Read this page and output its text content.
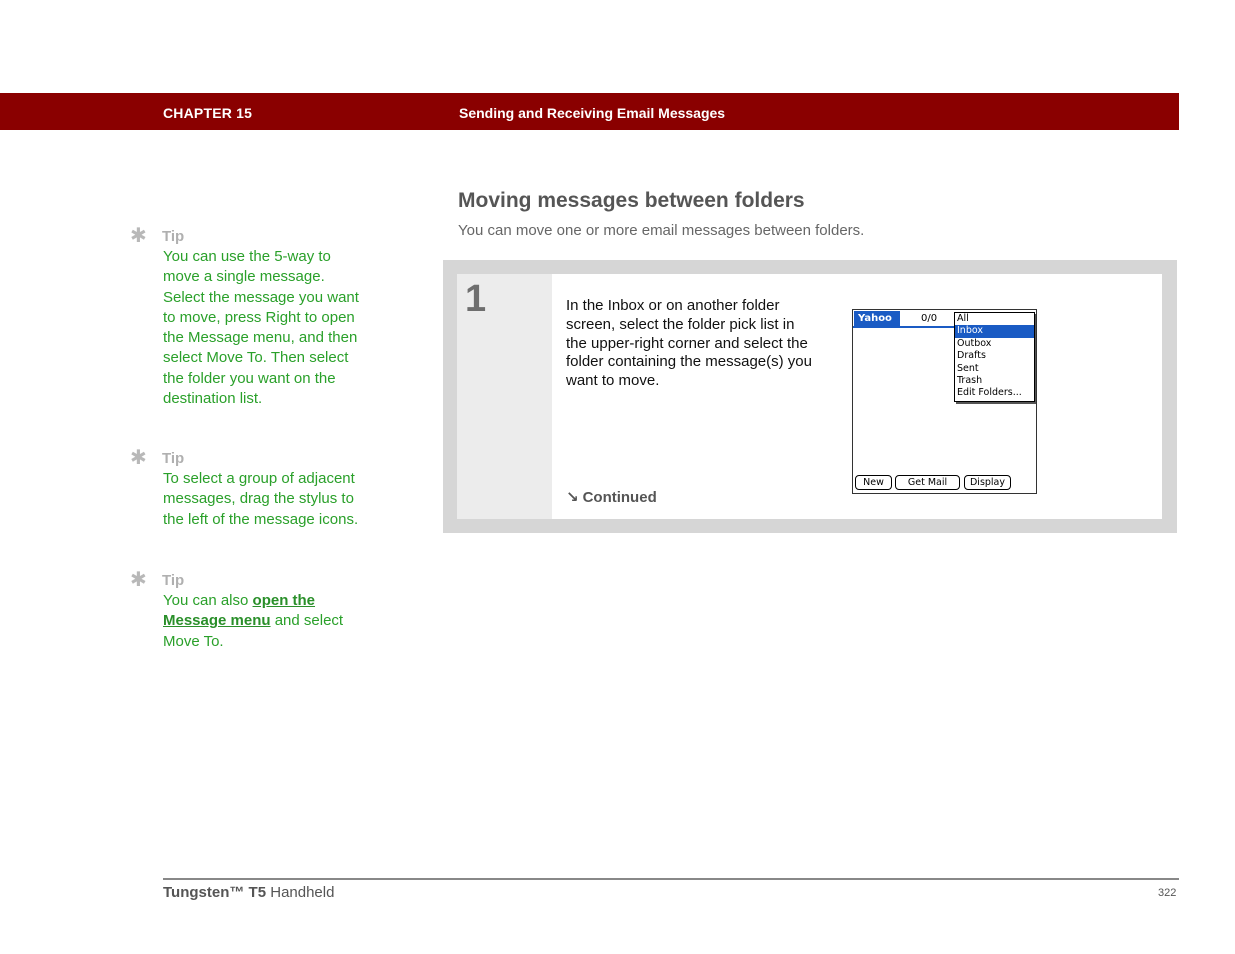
CHAPTER 15	Sending and Receiving Email Messages
✱ Tip
You can use the 5-way to move a single message. Select the message you want to move, press Right to open the Message menu, and then select Move To. Then select the folder you want on the destination list.
✱ Tip
To select a group of adjacent messages, drag the stylus to the left of the message icons.
✱ Tip
You can also open the Message menu and select Move To.
Moving messages between folders
You can move one or more email messages between folders.
1	In the Inbox or on another folder screen, select the folder pick list in the upper-right corner and select the folder containing the message(s) you want to move.
↘ Continued
Yahoo	0/0 All
Inbox
Outbox
Drafts
Sent
Trash
Edit Folders...
New	Get Mail	Display
Tungsten™ T5 Handheld	322
